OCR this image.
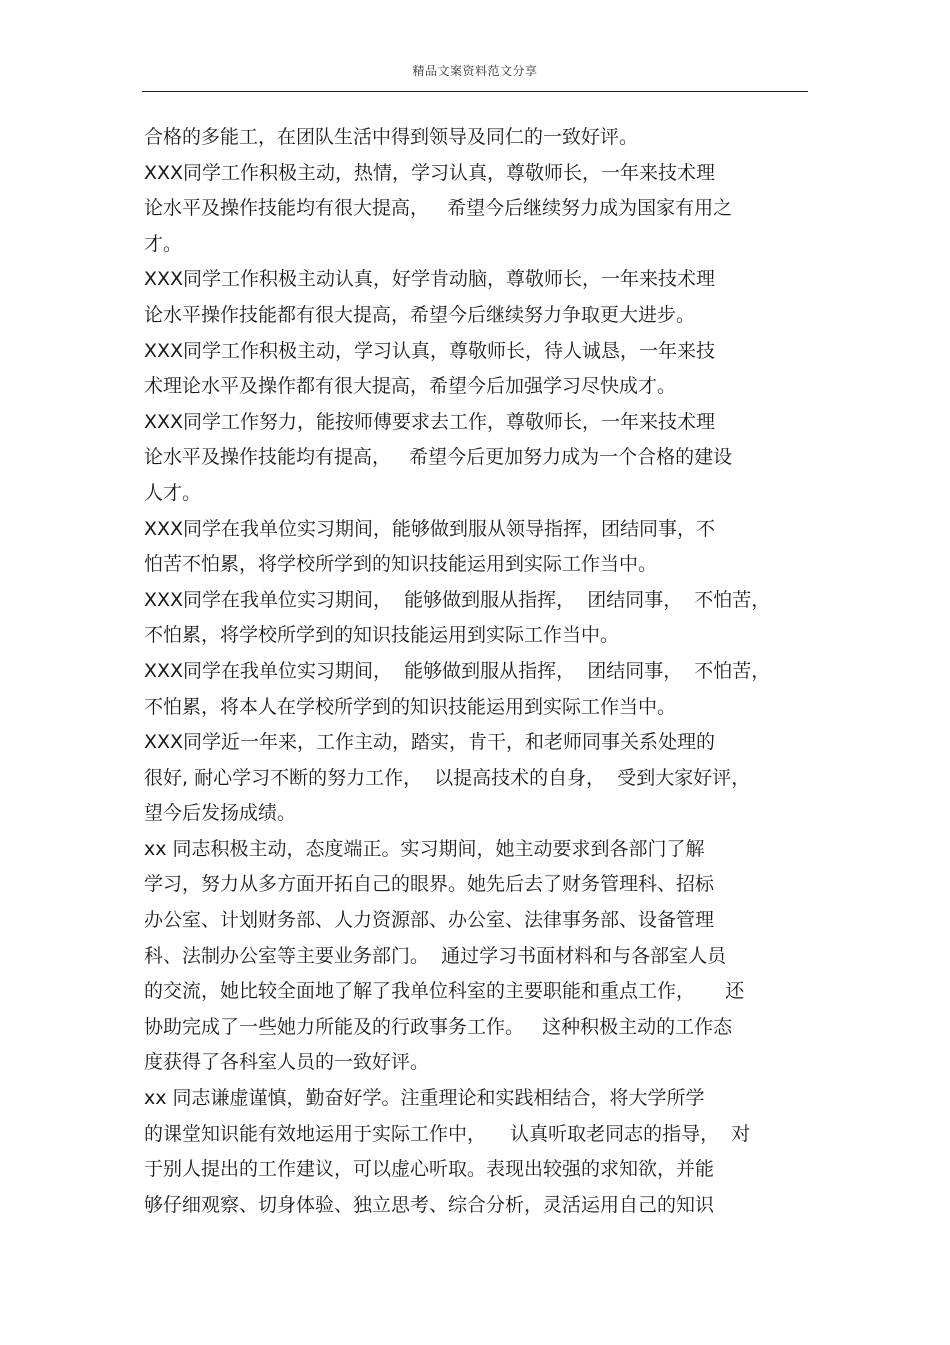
精品文案资料范文分享
合格的多能工，在团队生活中得到领导及同仁的一致好评。
XXX同学工作积极主动，热情，学习认真，尊敬师长，一年来技术理
论水平及操作技能均有很大提高，   希望今后继续努力成为国家有用之
才。
XXX同学工作积极主动认真，好学肯动脑，尊敬师长，一年来技术理
论水平操作技能都有很大提高，希望今后继续努力争取更大进步。
XXX同学工作积极主动，学习认真，尊敬师长，待人诚恳，一年来技
术理论水平及操作都有很大提高，希望今后加强学习尽快成才。
XXX同学工作努力，能按师傅要求去工作，尊敬师长，一年来技术理
论水平及操作技能均有提高，   希望今后更加努力成为一个合格的建设
人才。
XXX同学在我单位实习期间，能够做到服从领导指挥，团结同事，不
怕苦不怕累，将学校所学到的知识技能运用到实际工作当中。
XXX同学在我单位实习期间，  能够做到服从指挥，  团结同事，  不怕苦，
不怕累，将学校所学到的知识技能运用到实际工作当中。
XXX同学在我单位实习期间，  能够做到服从指挥，  团结同事，  不怕苦，
不怕累，将本人在学校所学到的知识技能运用到实际工作当中。
XXX同学近一年来，工作主动，踏实，肯干，和老师同事关系处理的
很好, 耐心学习不断的努力工作，  以提高技术的自身，  受到大家好评，
望今后发扬成绩。
xx 同志积极主动，态度端正。实习期间，她主动要求到各部门了解
学习，努力从多方面开拓自己的眼界。她先后去了财务管理科、招标
办公室、计划财务部、人力资源部、办公室、法律事务部、设备管理
科、法制办公室等主要业务部门。  通过学习书面材料和与各部室人员
的交流，她比较全面地了解了我单位科室的主要职能和重点工作，     还
协助完成了一些她力所能及的行政事务工作。   这种积极主动的工作态
度获得了各科室人员的一致好评。
xx 同志谦虚谨慎，勤奋好学。注重理论和实践相结合，将大学所学
的课堂知识能有效地运用于实际工作中，    认真听取老同志的指导，  对
于别人提出的工作建议，可以虚心听取。表现出较强的求知欲，并能
够仔细观察、切身体验、独立思考、综合分析，灵活运用自己的知识
